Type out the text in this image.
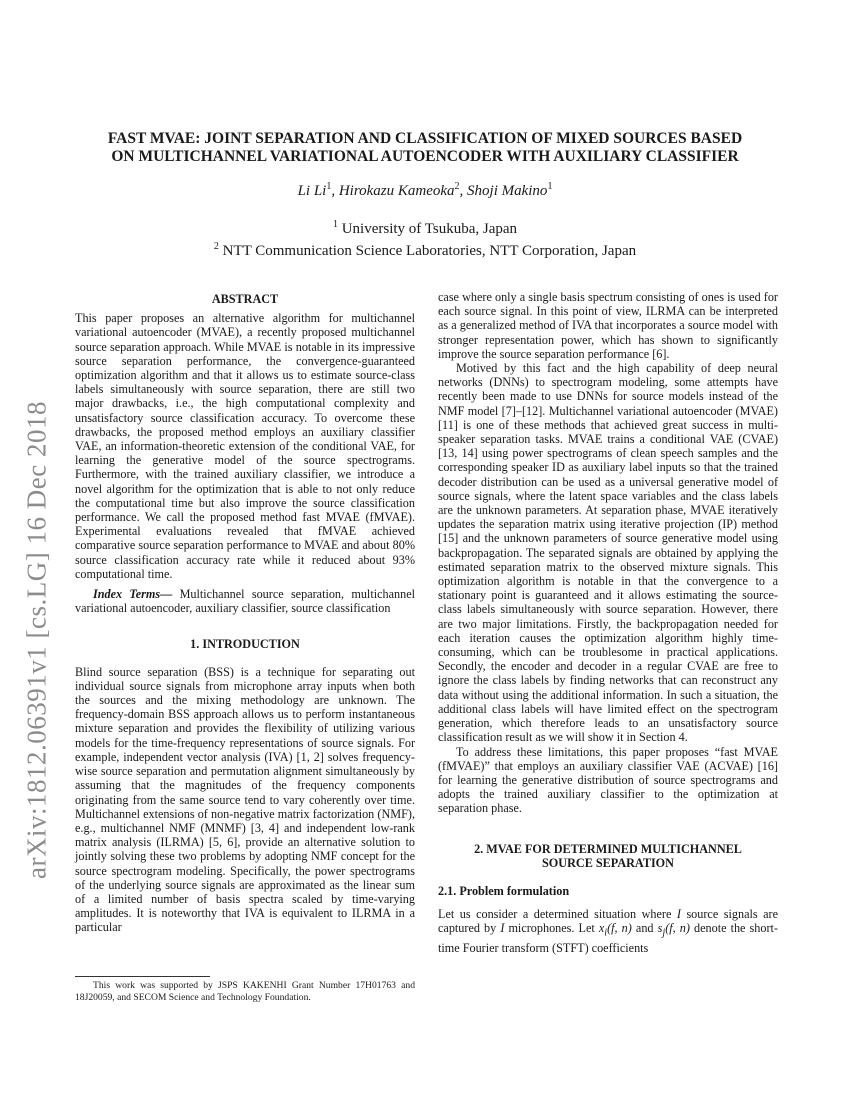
arXiv:1812.06391v1 [cs.LG] 16 Dec 2018
FAST MVAE: JOINT SEPARATION AND CLASSIFICATION OF MIXED SOURCES BASED
ON MULTICHANNEL VARIATIONAL AUTOENCODER WITH AUXILIARY CLASSIFIER
Li Li$^1$, Hirokazu Kameoka$^2$, Shoji Makino$^1$
$^1$ University of Tsukuba, Japan
$^2$ NTT Communication Science Laboratories, NTT Corporation, Japan
ABSTRACT

This paper proposes an alternative algorithm for multichannel variational autoencoder (MVAE), a recently proposed multichannel source separation approach. While MVAE is notable in its impressive source separation performance, the convergence-guaranteed optimization algorithm and that it allows us to estimate source-class labels simultaneously with source separation, there are still two major drawbacks, i.e., the high computational complexity and unsatisfactory source classification accuracy. To overcome these drawbacks, the proposed method employs an auxiliary classifier VAE, an information-theoretic extension of the conditional VAE, for learning the generative model of the source spectrograms. Furthermore, with the trained auxiliary classifier, we introduce a novel algorithm for the optimization that is able to not only reduce the computational time but also improve the source classification performance. We call the proposed method fast MVAE (fMVAE). Experimental evaluations revealed that fMVAE achieved comparative source separation performance to MVAE and about 80% source classification accuracy rate while it reduced about 93% computational time.

Index Terms— Multichannel source separation, multichannel variational autoencoder, auxiliary classifier, source classification

1. INTRODUCTION

Blind source separation (BSS) is a technique for separating out individual source signals from microphone array inputs when both the sources and the mixing methodology are unknown. The frequency-domain BSS approach allows us to perform instantaneous mixture separation and provides the flexibility of utilizing various models for the time-frequency representations of source signals. For example, independent vector analysis (IVA) [1, 2] solves frequency-wise source separation and permutation alignment simultaneously by assuming that the magnitudes of the frequency components originating from the same source tend to vary coherently over time. Multichannel extensions of non-negative matrix factorization (NMF), e.g., multichannel NMF (MNMF) [3, 4] and independent low-rank matrix analysis (ILRMA) [5, 6], provide an alternative solution to jointly solving these two problems by adopting NMF concept for the source spectrogram modeling. Specifically, the power spectrograms of the underlying source signals are approximated as the linear sum of a limited number of basis spectra scaled by time-varying amplitudes. It is noteworthy that IVA is equivalent to ILRMA in a particular

case where only a single basis spectrum consisting of ones is used for each source signal. In this point of view, ILRMA can be interpreted as a generalized method of IVA that incorporates a source model with stronger representation power, which has shown to significantly improve the source separation performance [6].

Motived by this fact and the high capability of deep neural networks (DNNs) to spectrogram modeling, some attempts have recently been made to use DNNs for source models instead of the NMF model [7]–[12]. Multichannel variational autoencoder (MVAE) [11] is one of these methods that achieved great success in multi-speaker separation tasks. MVAE trains a conditional VAE (CVAE) [13, 14] using power spectrograms of clean speech samples and the corresponding speaker ID as auxiliary label inputs so that the trained decoder distribution can be used as a universal generative model of source signals, where the latent space variables and the class labels are the unknown parameters. At separation phase, MVAE iteratively updates the separation matrix using iterative projection (IP) method [15] and the unknown parameters of source generative model using backpropagation. The separated signals are obtained by applying the estimated separation matrix to the observed mixture signals. This optimization algorithm is notable in that the convergence to a stationary point is guaranteed and it allows estimating the source-class labels simultaneously with source separation. However, there are two major limitations. Firstly, the backpropagation needed for each iteration causes the optimization algorithm highly time-consuming, which can be troublesome in practical applications. Secondly, the encoder and decoder in a regular CVAE are free to ignore the class labels by finding networks that can reconstruct any data without using the additional information. In such a situation, the additional class labels will have limited effect on the spectrogram generation, which therefore leads to an unsatisfactory source classification result as we will show it in Section 4.

To address these limitations, this paper proposes “fast MVAE (fMVAE)” that employs an auxiliary classifier VAE (ACVAE) [16] for learning the generative distribution of source spectrograms and adopts the trained auxiliary classifier to the optimization at separation phase.

2. MVAE FOR DETERMINED MULTICHANNEL
SOURCE SEPARATION
2.1. Problem formulation

Let us consider a determined situation where I source signals are captured by I microphones. Let $x_i(f$, n) and $s_j(f$, n) denote the short-time Fourier transform (STFT) coefficients

This work was supported by JSPS KAKENHI Grant Number 17H01763 and 18J20059, and SECOM Science and Technology Foundation.
